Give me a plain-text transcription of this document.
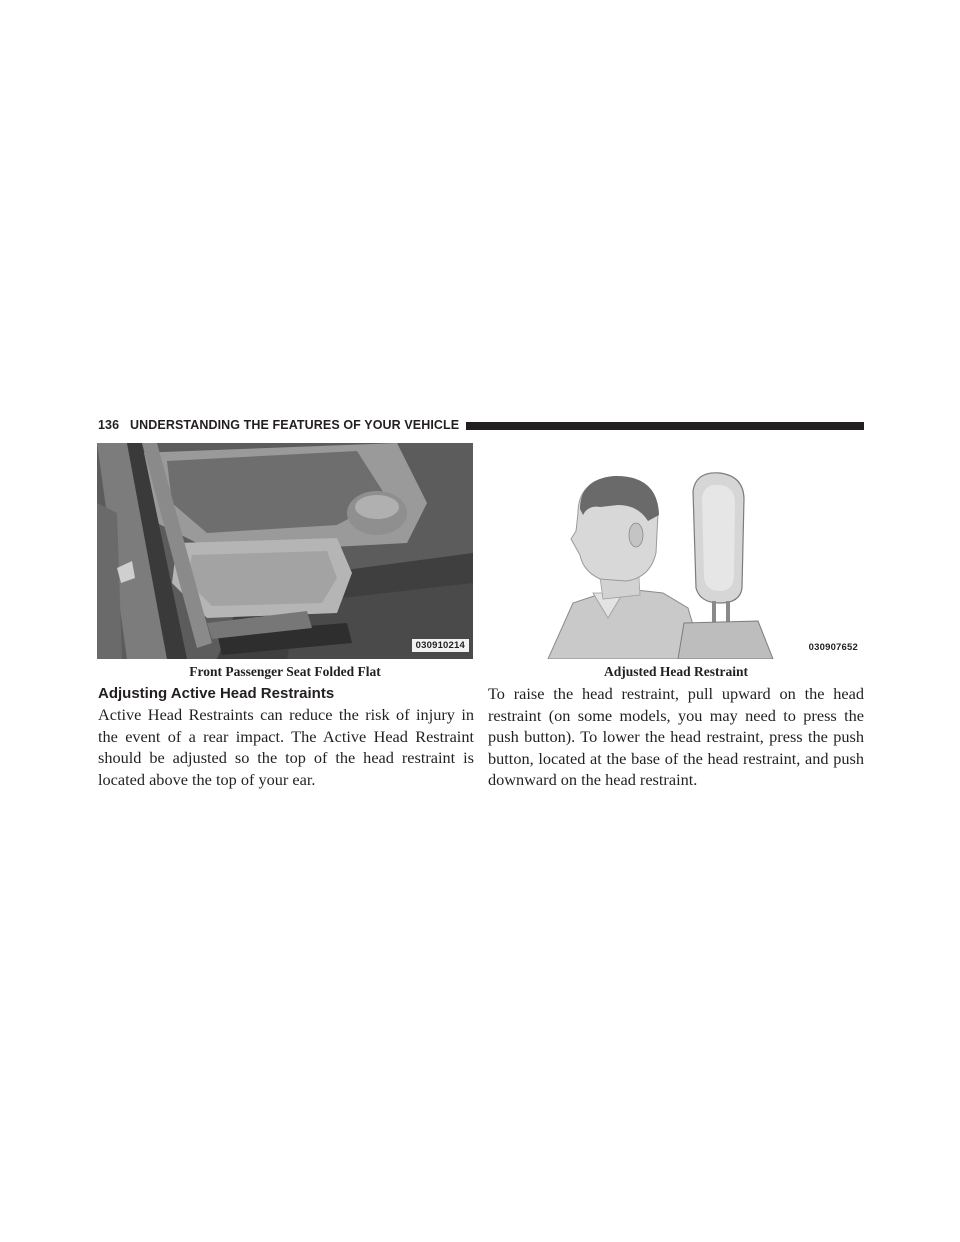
136 UNDERSTANDING THE FEATURES OF YOUR VEHICLE
030910214	030907652
Front Passenger Seat Folded Flat	Adjusted Head Restraint
Adjusting Active Head Restraints
Active Head Restraints can reduce the risk of injury in the event of a rear impact. The Active Head Restraint should be adjusted so the top of the head restraint is located above the top of your ear.
To raise the head restraint, pull upward on the head restraint (on some models, you may need to press the push button). To lower the head restraint, press the push button, located at the base of the head restraint, and push downward on the head restraint.
